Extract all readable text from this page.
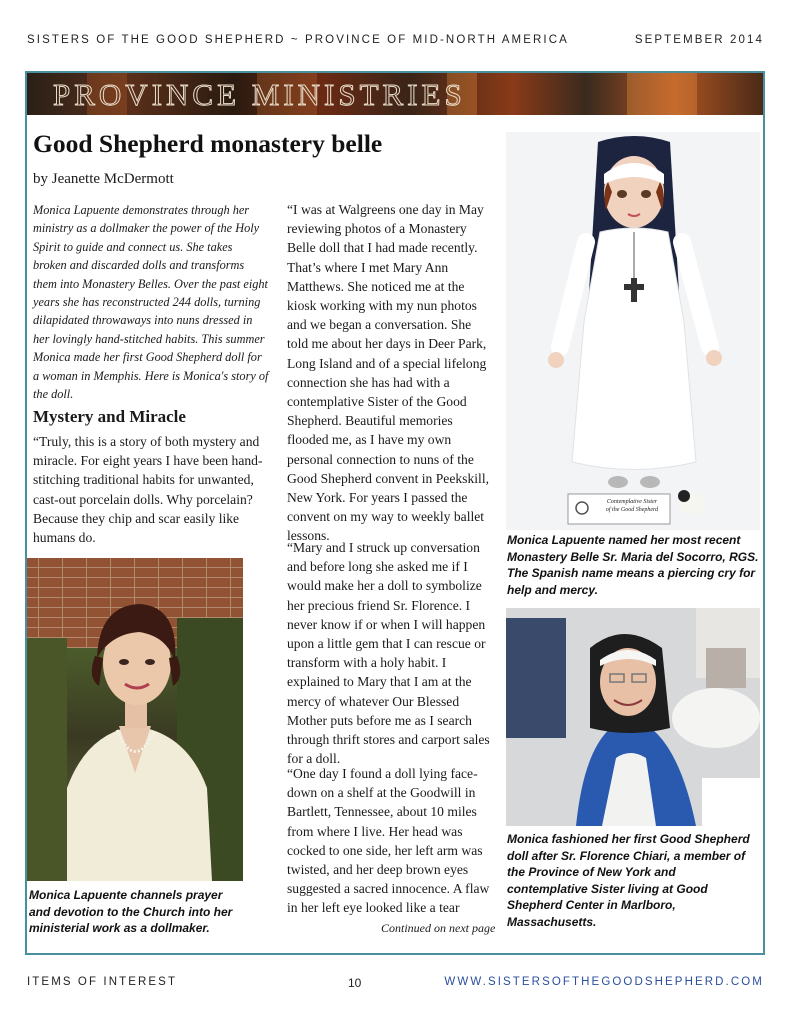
SISTERS OF THE GOOD SHEPHERD ~ PROVINCE OF MID-NORTH AMERICA	SEPTEMBER 2014
PROVINCE MINISTRIES
Good Shepherd monastery belle
by Jeanette McDermott
Monica Lapuente demonstrates through her ministry as a dollmaker the power of the Holy Spirit to guide and connect us. She takes broken and discarded dolls and transforms them into Monastery Belles. Over the past eight years she has reconstructed 244 dolls, turning dilapidated throwaways into nuns dressed in her lovingly hand-stitched habits. This summer Monica made her first Good Shepherd doll for a woman in Memphis. Here is Monica's story of the doll.
Mystery and Miracle

“Truly, this is a story of both mystery and miracle. For eight years I have been hand-stitching traditional habits for unwanted, cast-out porcelain dolls. Why porcelain? Because they chip and scar easily like humans do.

“I was at Walgreens one day in May reviewing photos of a Monastery Belle doll that I had made recently. That’s where I met Mary Ann Matthews. She noticed me at the kiosk working with my nun photos and we began a conversation. She told me about her days in Deer Park, Long Island and of a special lifelong connection she has had with a contemplative Sister of the Good Shepherd. Beautiful memories flooded me, as I have my own personal connection to nuns of the Good Shepherd convent in Peekskill, New York. For years I passed the convent on my way to weekly ballet lessons.

“Mary and I struck up conversation and before long she asked me if I would make her a doll to symbolize her precious friend Sr. Florence. I never know if or when I will happen upon a little gem that I can rescue or transform with a holy habit. I explained to Mary that I am at the mercy of whatever Our Blessed Mother puts before me as I search through thrift stores and carport sales for a doll.

“One day I found a doll lying face-down on a shelf at the Goodwill in Bartlett, Tennessee, about 10 miles from where I live. Her head was cocked to one side, her left arm was twisted, and her deep brown eyes suggested a sacred innocence. A flaw in her left eye looked like a tear

Continued on next page
Contemplative Sister
of the Good Shepherd
Monica Lapuente channels prayer and devotion to the Church into her ministerial work as a dollmaker.
Monica Lapuente named her most recent Monastery Belle Sr. Maria del Socorro, RGS. The Spanish name means a piercing cry for help and mercy.
Monica fashioned her first Good Shepherd doll after Sr. Florence Chiari, a member of the Province of New York and contemplative Sister living at Good Shepherd Center in Marlboro, Massachusetts.
ITEMS OF INTEREST	10	WWW.SISTERSOFTHEGOODSHEPHERD.COM
